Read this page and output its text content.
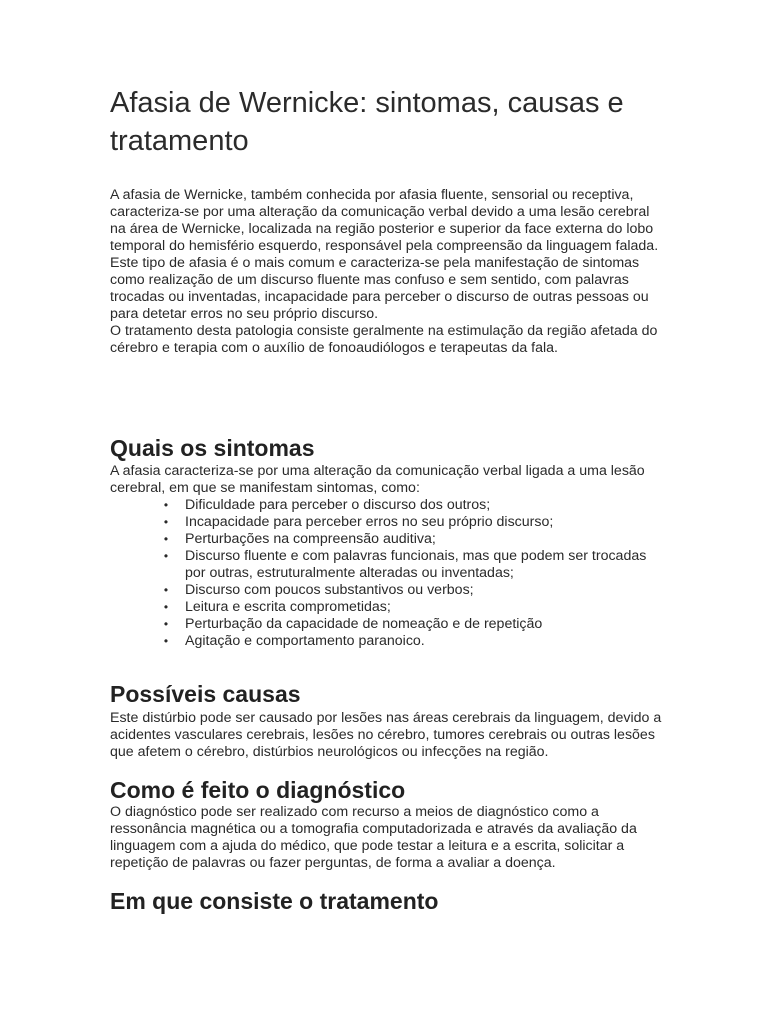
Afasia de Wernicke: sintomas, causas e tratamento

A afasia de Wernicke, também conhecida por afasia fluente, sensorial ou receptiva, caracteriza-se por uma alteração da comunicação verbal devido a uma lesão cerebral na área de Wernicke, localizada na região posterior e superior da face externa do lobo temporal do hemisfério esquerdo, responsável pela compreensão da linguagem falada.

Este tipo de afasia é o mais comum e caracteriza-se pela manifestação de sintomas como realização de um discurso fluente mas confuso e sem sentido, com palavras trocadas ou inventadas, incapacidade para perceber o discurso de outras pessoas ou para detetar erros no seu próprio discurso.

O tratamento desta patologia consiste geralmente na estimulação da região afetada do cérebro e terapia com o auxílio de fonoaudiólogos e terapeutas da fala.

Quais os sintomas

A afasia caracteriza-se por uma alteração da comunicação verbal ligada a uma lesão cerebral, em que se manifestam sintomas, como:

• Dificuldade para perceber o discurso dos outros;
• Incapacidade para perceber erros no seu próprio discurso;
• Perturbações na compreensão auditiva;
• Discurso fluente e com palavras funcionais, mas que podem ser trocadas por outras, estruturalmente alteradas ou inventadas;
• Discurso com poucos substantivos ou verbos;
• Leitura e escrita comprometidas;
• Perturbação da capacidade de nomeação e de repetição
• Agitação e comportamento paranoico.
Possíveis causas

Este distúrbio pode ser causado por lesões nas áreas cerebrais da linguagem, devido a acidentes vasculares cerebrais, lesões no cérebro, tumores cerebrais ou outras lesões que afetem o cérebro, distúrbios neurológicos ou infecções na região.

Como é feito o diagnóstico

O diagnóstico pode ser realizado com recurso a meios de diagnóstico como a ressonância magnética ou a tomografia computadorizada e através da avaliação da linguagem com a ajuda do médico, que pode testar a leitura e a escrita, solicitar a repetição de palavras ou fazer perguntas, de forma a avaliar a doença.

Em que consiste o tratamento
